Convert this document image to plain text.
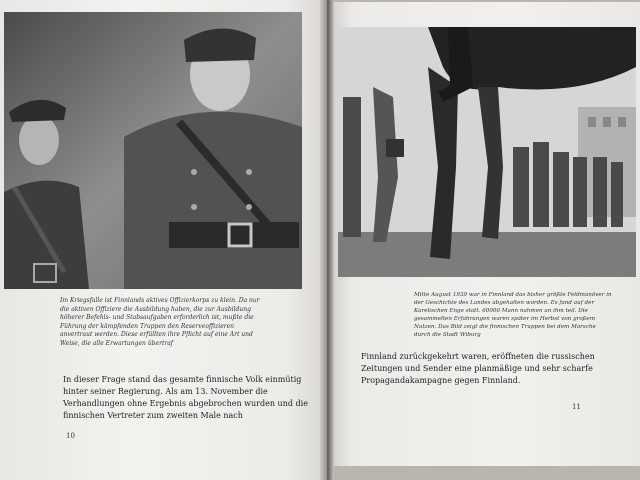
Im Kriegsfalle ist Finnlands aktives Offizierkorps zu klein. Da nur die aktiven Offiziere die Ausbildung haben, die zur Ausbildung höherer Befehls- und Stabsaufgaben erforderlich ist, mußte die Führung der kämpfenden Truppen den Reserveoffizieren anvertraut werden. Diese erfüllten ihre Pflicht auf eine Art und Weise, die alle Erwartungen übertraf
In dieser Frage stand das gesamte finnische Volk einmütig hinter seiner Regierung. Als am 13. November die Verhandlungen ohne Ergebnis abgebrochen wurden und die finnischen Vertreter zum zweiten Male nach
10
Mitte August 1939 war in Finnland das bisher größte Feldmanöver in der Geschichte des Landes abgehalten worden. Es fand auf der Karelischen Enge statt. 60000 Mann nahmen an ihm teil. Die gesammelten Erfahrungen waren später im Herbst von großem Nutzen. Das Bild zeigt die finnischen Truppen bei dem Marsche durch die Stadt Wiburg
Finnland zurückgekehrt waren, eröffneten die russischen Zeitungen und Sender eine planmäßige und sehr scharfe Propagandakampagne gegen Finnland.
11
